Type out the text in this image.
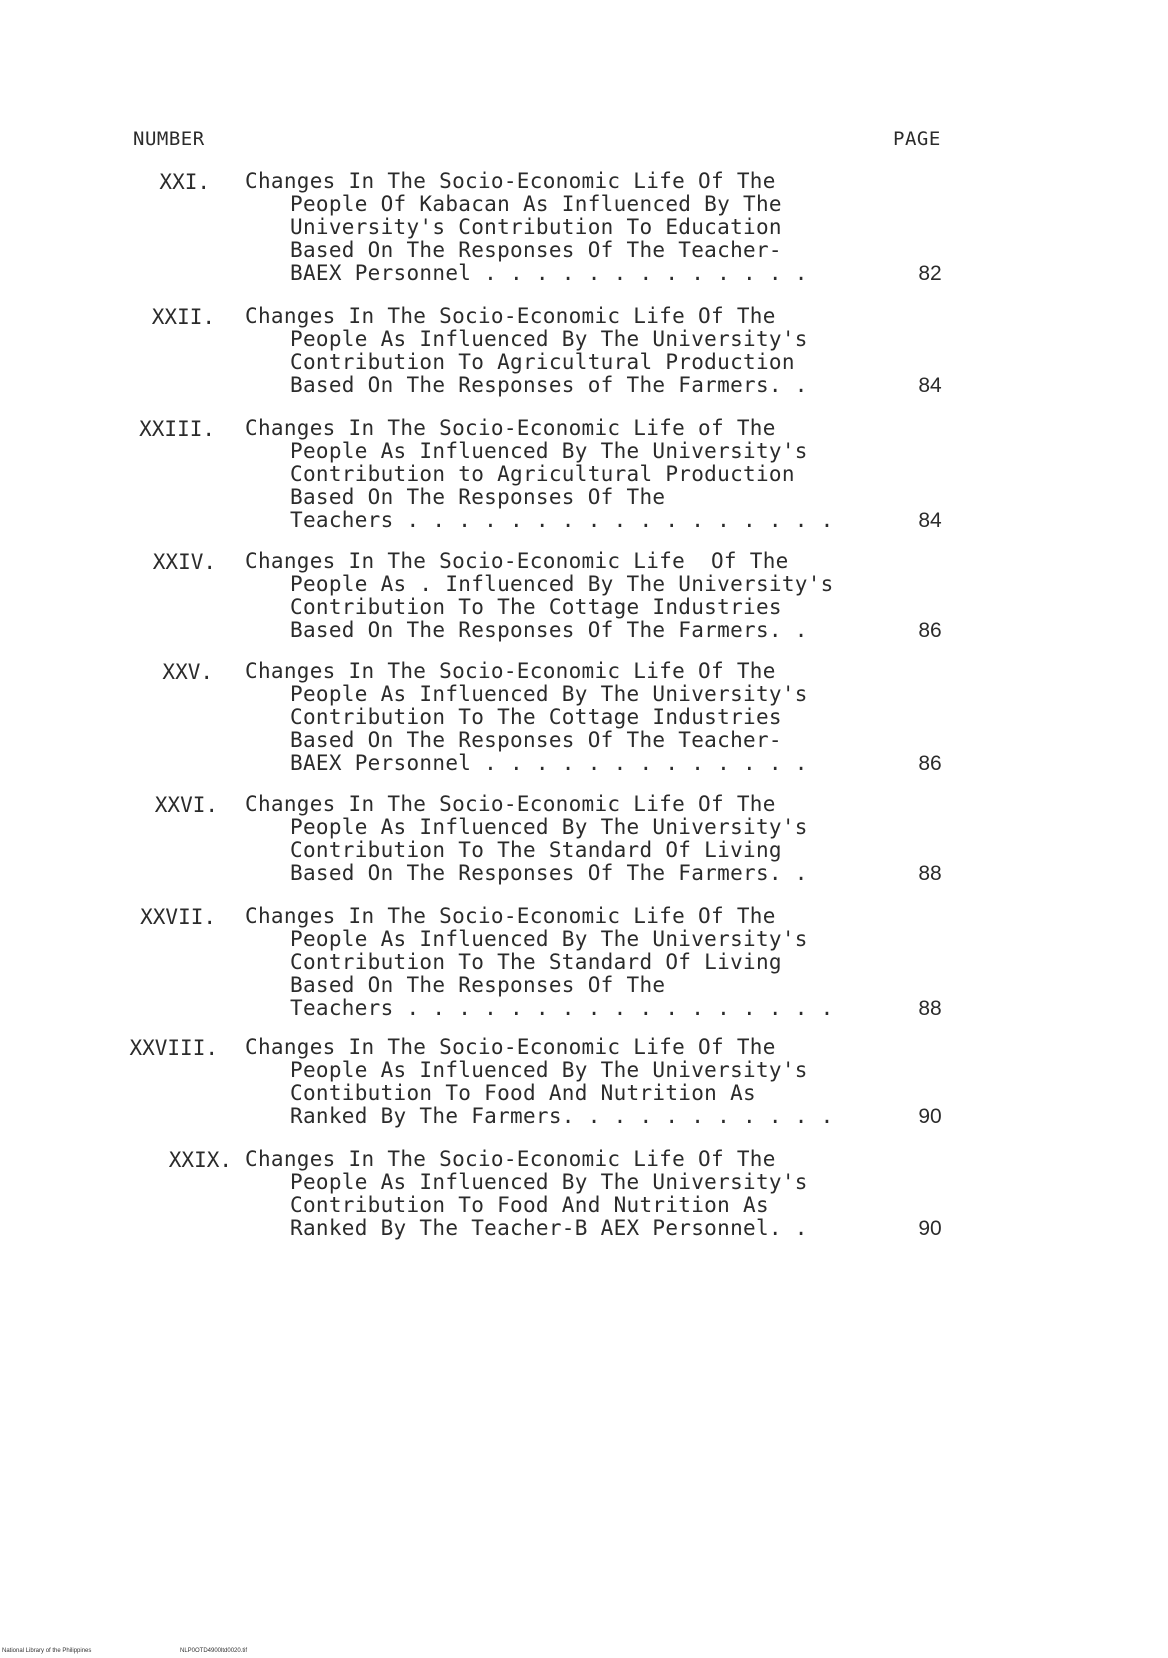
NUMBER	PAGE
XXI. Changes In The Socio-Economic Life Of The
People Of Kabacan As Influenced By The
University's Contribution To Education
Based On The Responses Of The Teacher-
BAEX Personnel . . . . . . . . . . . . .	82
XXII. Changes In The Socio-Economic Life Of The
People As Influenced By The University's
Contribution To Agricultural Production
Based On The Responses of The Farmers. .	84
XXIII. Changes In The Socio-Economic Life of The
People As Influenced By The University's
Contribution to Agricultural Production
Based On The Responses Of The
Teachers . . . . . . . . . . . . . . . . .	84
XXIV. Changes In The Socio-Economic Life  Of The
People As . Influenced By The University's
Contribution To The Cottage Industries
Based On The Responses Of The Farmers. .	86
XXV. Changes In The Socio-Economic Life Of The
People As Influenced By The University's
Contribution To The Cottage Industries
Based On The Responses Of The Teacher-
BAEX Personnel . . . . . . . . . . . . .	86
XXVI. Changes In The Socio-Economic Life Of The
People As Influenced By The University's
Contribution To The Standard Of Living
Based On The Responses Of The Farmers. .	88
XXVII. Changes In The Socio-Economic Life Of The
People As Influenced By The University's
Contribution To The Standard Of Living
Based On The Responses Of The
Teachers . . . . . . . . . . . . . . . . .	88
XXVIII. Changes In The Socio-Economic Life Of The
People As Influenced By The University's
Contibution To Food And Nutrition As
Ranked By The Farmers. . . . . . . . . . .	90
XXIX. Changes In The Socio-Economic Life Of The
People As Influenced By The University's
Contribution To Food And Nutrition As
Ranked By The Teacher-B AEX Personnel. .	90
National Library of the Philippines	NLP0OTD4900ltd0020.tif
